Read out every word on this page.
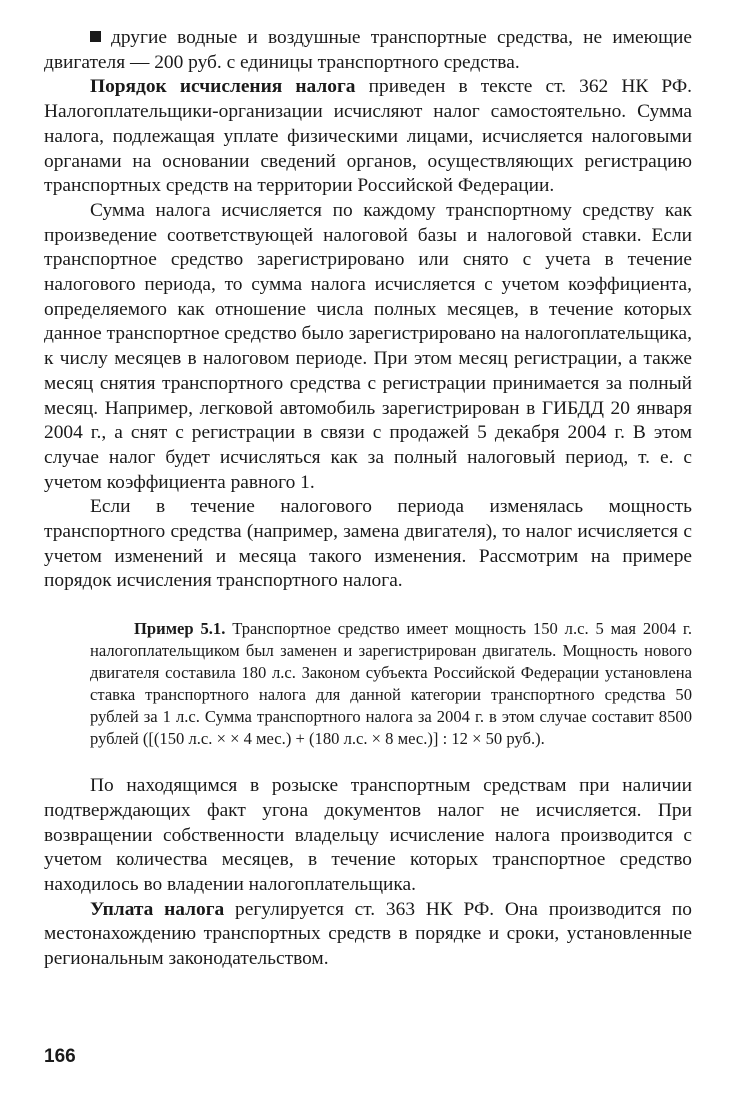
другие водные и воздушные транспортные средства, не имеющие двигателя — 200 руб. с единицы транспортного средства.

Порядок исчисления налога приведен в тексте ст. 362 НК РФ. Налогоплательщики-организации исчисляют налог самостоятельно. Сумма налога, подлежащая уплате физическими лицами, исчисляется налоговыми органами на основании сведений органов, осуществляющих регистрацию транспортных средств на территории Российской Федерации.

Сумма налога исчисляется по каждому транспортному средству как произведение соответствующей налоговой базы и налоговой ставки. Если транспортное средство зарегистрировано или снято с учета в течение налогового периода, то сумма налога исчисляется с учетом коэффициента, определяемого как отношение числа полных месяцев, в течение которых данное транспортное средство было зарегистрировано на налогоплательщика, к числу месяцев в налоговом периоде. При этом месяц регистрации, а также месяц снятия транспортного средства с регистрации принимается за полный месяц. Например, легковой автомобиль зарегистрирован в ГИБДД 20 января 2004 г., а снят с регистрации в связи с продажей 5 декабря 2004 г. В этом случае налог будет исчисляться как за полный налоговый период, т. е. с учетом коэффициента равного 1.

Если в течение налогового периода изменялась мощность транспортного средства (например, замена двигателя), то налог исчисляется с учетом изменений и месяца такого изменения. Рассмотрим на примере порядок исчисления транспортного налога.

Пример 5.1. Транспортное средство имеет мощность 150 л.с. 5 мая 2004 г. налогоплательщиком был заменен и зарегистрирован двигатель. Мощность нового двигателя составила 180 л.с. Законом субъекта Российской Федерации установлена ставка транспортного налога для данной категории транспортного средства 50 рублей за 1 л.с. Сумма транспортного налога за 2004 г. в этом случае составит 8500 рублей ([(150 л.с. × × 4 мес.) + (180 л.с. × 8 мес.)] : 12 × 50 руб.).

По находящимся в розыске транспортным средствам при наличии подтверждающих факт угона документов налог не исчисляется. При возвращении собственности владельцу исчисление налога производится с учетом количества месяцев, в течение которых транспортное средство находилось во владении налогоплательщика.

Уплата налога регулируется ст. 363 НК РФ. Она производится по местонахождению транспортных средств в порядке и сроки, установленные региональным законодательством.

166
